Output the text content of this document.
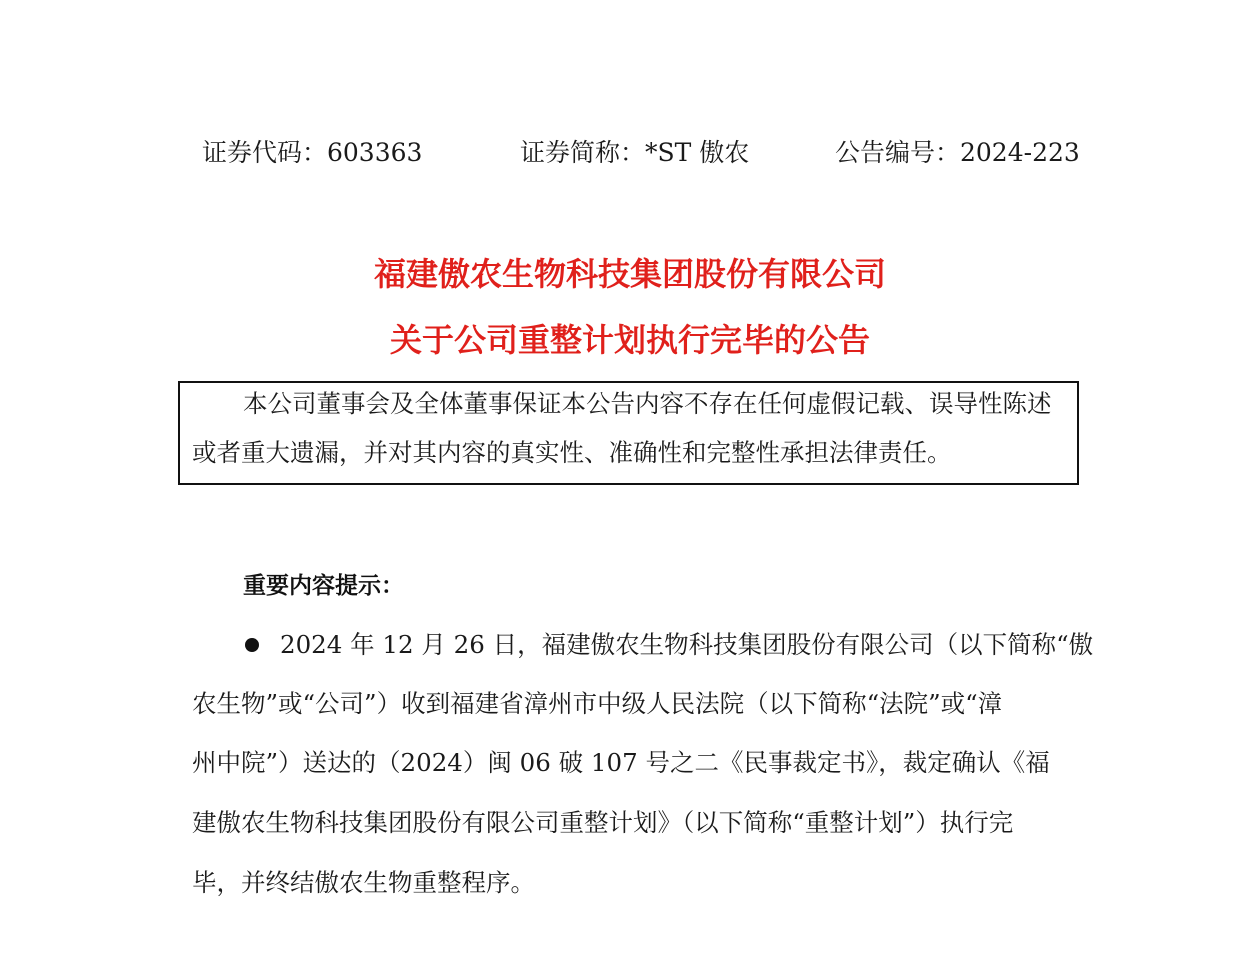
证券代码：603363	证券简称：*ST 傲农	公告编号：2024-223
福建傲农生物科技集团股份有限公司
关于公司重整计划执行完毕的公告
本公司董事会及全体董事保证本公告内容不存在任何虚假记载、误导性陈述
或者重大遗漏，并对其内容的真实性、准确性和完整性承担法律责任。
重要内容提示：
2024 年 12 月 26 日，福建傲农生物科技集团股份有限公司（以下简称“傲
农生物”或“公司”）收到福建省漳州市中级人民法院（以下简称“法院”或“漳
州中院”）送达的（2024）闽 06 破 107 号之二《民事裁定书》，裁定确认《福
建傲农生物科技集团股份有限公司重整计划》（以下简称“重整计划”）执行完
毕，并终结傲农生物重整程序。
